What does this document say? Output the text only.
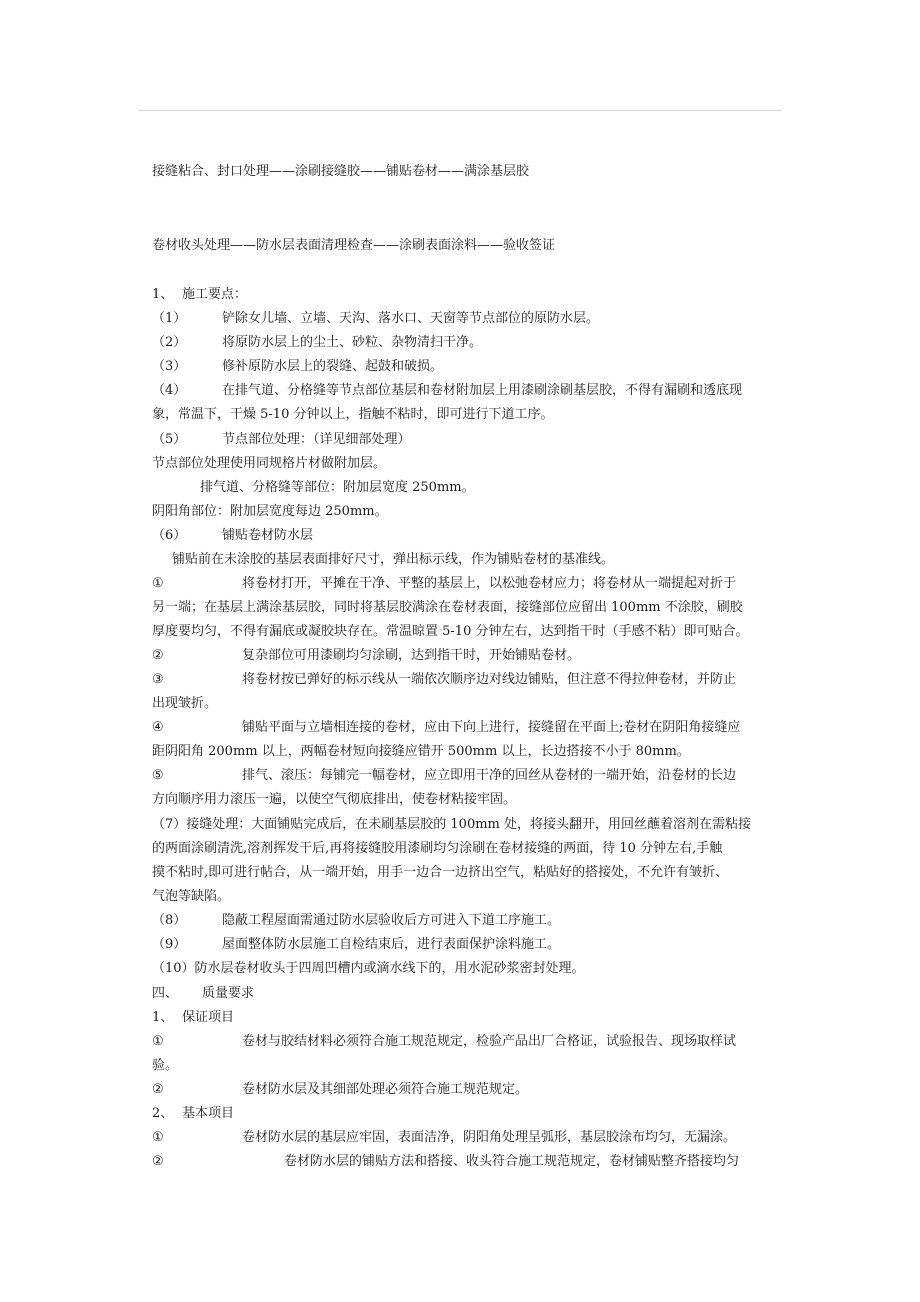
接缝粘合、封口处理——涂刷接缝胶——铺贴卷材——满涂基层胶
卷材收头处理——防水层表面清理检查——涂刷表面涂料——验收签证
1、 施工要点：
（1）	铲除女儿墙、立墙、天沟、落水口、天窗等节点部位的原防水层。
（2）	将原防水层上的尘土、砂粒、杂物清扫干净。
（3）	修补原防水层上的裂缝、起鼓和破损。
（4）	在排气道、分格缝等节点部位基层和卷材附加层上用漆刷涂刷基层胶，不得有漏刷和透底现
象，常温下，干燥 5-10 分钟以上，指触不粘时，即可进行下道工序。
（5）	节点部位处理：（详见细部处理）
节点部位处理使用同规格片材做附加层。
排气道、分格缝等部位：附加层宽度 250mm。
阴阳角部位：附加层宽度每边 250mm。
（6）	铺贴卷材防水层
铺贴前在未涂胶的基层表面排好尺寸，弹出标示线，作为铺贴卷材的基准线。
①	将卷材打开，平摊在干净、平整的基层上，以松弛卷材应力；将卷材从一端提起对折于
另一端；在基层上满涂基层胶，同时将基层胶满涂在卷材表面，接缝部位应留出 100mm 不涂胶，刷胶
厚度要均匀，不得有漏底或凝胶块存在。常温晾置 5-10 分钟左右，达到指干时（手感不粘）即可贴合。
②	复杂部位可用漆刷均匀涂刷，达到指干时，开始铺贴卷材。
③	将卷材按已弹好的标示线从一端依次顺序边对线边铺贴，但注意不得拉伸卷材，并防止
出现皱折。
④	铺贴平面与立墙相连接的卷材，应由下向上进行，接缝留在平面上;卷材在阴阳角接缝应
距阴阳角 200mm 以上，两幅卷材短向接缝应错开 500mm 以上，长边搭接不小于 80mm。
⑤	排气、滚压：每铺完一幅卷材，应立即用干净的回丝从卷材的一端开始，沿卷材的长边
方向顺序用力滚压一遍，以使空气彻底排出，使卷材粘接牢固。
（7）接缝处理：大面铺贴完成后，在未刷基层胶的 100mm 处，将接头翻开，用回丝蘸着溶剂在需粘接
的两面涂刷清洗,溶剂挥发干后,再将接缝胶用漆刷均匀涂刷在卷材接缝的两面，待 10 分钟左右,手触
摸不粘时,即可进行帖合，从一端开始，用手一边合一边挤出空气，粘贴好的搭接处，不允许有皱折、
气泡等缺陷。
（8）	隐蔽工程屋面需通过防水层验收后方可进入下道工序施工。
（9）	屋面整体防水层施工自检结束后，进行表面保护涂料施工。
（10）防水层卷材收头于四周凹槽内或滴水线下的，用水泥砂浆密封处理。
四、 质量要求
1、 保证项目
①	卷材与胶结材料必须符合施工规范规定，检验产品出厂合格证，试验报告、现场取样试
验。
②	卷材防水层及其细部处理必须符合施工规范规定。
2、 基本项目
①	卷材防水层的基层应牢固，表面洁净，阴阳角处理呈弧形，基层胶涂布均匀，无漏涂。
②	卷材防水层的铺贴方法和搭接、收头符合施工规范规定，卷材铺贴整齐搭接均匀
